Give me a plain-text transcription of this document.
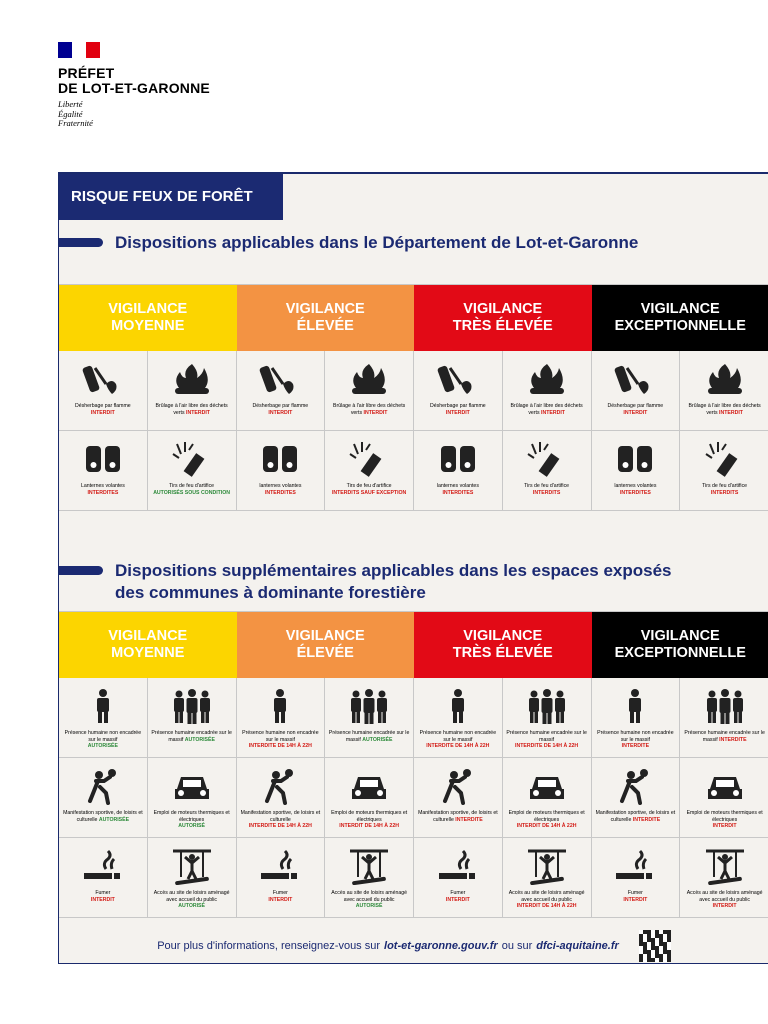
PRÉFET
DE LOT-ET-GARONNE
Liberté
Égalité
Fraternité
RISQUE FEUX DE FORÊT
Dispositions applicables dans le Département de Lot-et-Garonne
VIGILANCE
MOYENNE
VIGILANCE
ÉLEVÉE
VIGILANCE
TRÈS ÉLEVÉE
VIGILANCE
EXCEPTIONNELLE
Désherbage par flamme
INTERDIT
Brûlage à l'air libre des déchets verts INTERDIT
Désherbage par flamme
INTERDIT
Brûlage à l'air libre des déchets verts INTERDIT
Désherbage par flamme
INTERDIT
Brûlage à l'air libre des déchets verts INTERDIT
Désherbage par flamme
INTERDIT
Brûlage à l'air libre des déchets verts INTERDIT
Lanternes volantes
INTERDITES
Tirs de feu d'artifice
AUTORISÉS SOUS CONDITION
lanternes volantes
INTERDITES
Tirs de feu d'artifice
INTERDITS SAUF EXCEPTION
lanternes volantes
INTERDITES
Tirs de feu d'artifice
INTERDITS
lanternes volantes
INTERDITES
Tirs de feu d'artifice
INTERDITS
Dispositions supplémentaires applicables dans les espaces exposés
des communes à dominante forestière
VIGILANCE
MOYENNE
VIGILANCE
ÉLEVÉE
VIGILANCE
TRÈS ÉLEVÉE
VIGILANCE
EXCEPTIONNELLE
Présence humaine non encadrée sur le massif
AUTORISÉE
Présence humaine encadrée sur le massif AUTORISÉE
Présence humaine non encadrée sur le massif
INTERDITE DE 14H À 22H
Présence humaine encadrée sur le massif AUTORISÉE
Présence humaine non encadrée sur le massif
INTERDITE DE 14H À 22H
Présence humaine encadrée sur le massif
INTERDITE DE 14H À 22H
Présence humaine non encadrée sur le massif
INTERDITE
Présence humaine encadrée sur le massif INTERDITE
Manifestation sportive, de loisirs et culturelle AUTORISÉE
Emploi de moteurs thermiques et électriques
AUTORISÉ
Manifestation sportive, de loisirs et culturelle
INTERDITE DE 14H À 22H
Emploi de moteurs thermiques et électriques
INTERDIT DE 14H À 22H
Manifestation sportive, de loisirs et culturelle INTERDITE
Emploi de moteurs thermiques et électriques
INTERDIT DE 14H À 22H
Manifestation sportive, de loisirs et culturelle INTERDITE
Emploi de moteurs thermiques et électriques
INTERDIT
Fumer
INTERDIT
Accès au site de loisirs aménagé avec accueil du public
AUTORISÉ
Fumer
INTERDIT
Accès au site de loisirs aménagé avec accueil du public
AUTORISÉ
Fumer
INTERDIT
Accès au site de loisirs aménagé avec accueil du public
INTERDIT DE 14H À 22H
Fumer
INTERDIT
Accès au site de loisirs aménagé avec accueil du public
INTERDIT
Pour plus d'informations, renseignez-vous sur lot-et-garonne.gouv.fr ou sur dfci-aquitaine.fr
